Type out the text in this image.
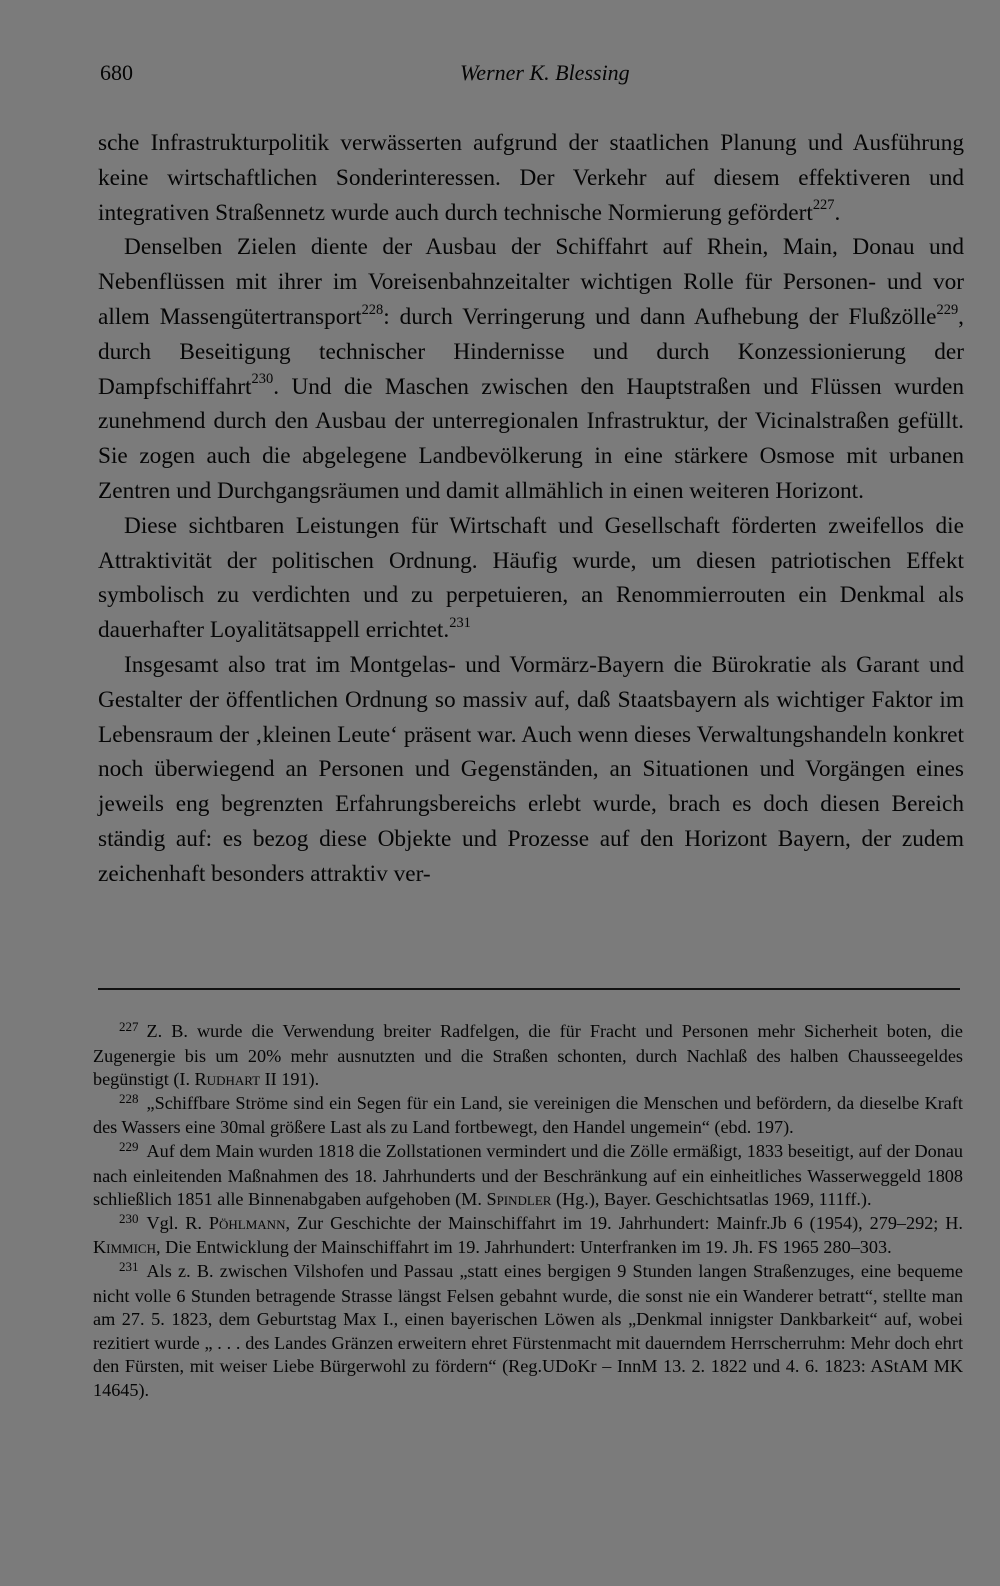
680	Werner K. Blessing

sche Infrastrukturpolitik verwässerten aufgrund der staatlichen Planung und Ausführung keine wirtschaftlichen Sonderinteressen. Der Verkehr auf diesem effektiveren und integrativen Straßennetz wurde auch durch technische Normierung gefördert$^{227}$.

Denselben Zielen diente der Ausbau der Schiffahrt auf Rhein, Main, Donau und Nebenflüssen mit ihrer im Voreisenbahnzeitalter wichtigen Rolle für Personen- und vor allem Massengütertransport$^{228}$: durch Verringerung und dann Aufhebung der Flußzölle$^{229}$, durch Beseitigung technischer Hindernisse und durch Konzessionierung der Dampfschiffahrt$^{230}$. Und die Maschen zwischen den Hauptstraßen und Flüssen wurden zunehmend durch den Ausbau der unterregionalen Infrastruktur, der Vicinalstraßen gefüllt. Sie zogen auch die abgelegene Landbevölkerung in eine stärkere Osmose mit urbanen Zentren und Durchgangsräumen und damit allmählich in einen weiteren Horizont.

Diese sichtbaren Leistungen für Wirtschaft und Gesellschaft förderten zweifellos die Attraktivität der politischen Ordnung. Häufig wurde, um diesen patriotischen Effekt symbolisch zu verdichten und zu perpetuieren, an Renommierrouten ein Denkmal als dauerhafter Loyalitätsappell errichtet.$^{231}$

Insgesamt also trat im Montgelas- und Vormärz-Bayern die Bürokratie als Garant und Gestalter der öffentlichen Ordnung so massiv auf, daß Staatsbayern als wichtiger Faktor im Lebensraum der ‚kleinen Leute‘ präsent war. Auch wenn dieses Verwaltungshandeln konkret noch überwiegend an Personen und Gegenständen, an Situationen und Vorgängen eines jeweils eng begrenzten Erfahrungsbereichs erlebt wurde, brach es doch diesen Bereich ständig auf: es bezog diese Objekte und Prozesse auf den Horizont Bayern, der zudem zeichenhaft besonders attraktiv ver-

$^{227}$ Z. B. wurde die Verwendung breiter Radfelgen, die für Fracht und Personen mehr Sicherheit boten, die Zugenergie bis um 20% mehr ausnutzten und die Straßen schonten, durch Nachlaß des halben Chausseegeldes begünstigt (I. Rudhart II 191).

$^{228}$ „Schiffbare Ströme sind ein Segen für ein Land, sie vereinigen die Menschen und befördern, da dieselbe Kraft des Wassers eine 30mal größere Last als zu Land fortbewegt, den Handel ungemein“ (ebd. 197).

$^{229}$ Auf dem Main wurden 1818 die Zollstationen vermindert und die Zölle ermäßigt, 1833 beseitigt, auf der Donau nach einleitenden Maßnahmen des 18. Jahrhunderts und der Beschränkung auf ein einheitliches Wasserweggeld 1808 schließlich 1851 alle Binnenabgaben aufgehoben (M. Spindler (Hg.), Bayer. Geschichtsatlas 1969, 111ff.).

$^{230}$ Vgl. R. Pöhlmann, Zur Geschichte der Mainschiffahrt im 19. Jahrhundert: Mainfr.Jb 6 (1954), 279–292; H. Kimmich, Die Entwicklung der Mainschiffahrt im 19. Jahrhundert: Unterfranken im 19. Jh. FS 1965 280–303.

$^{231}$ Als z. B. zwischen Vilshofen und Passau „statt eines bergigen 9 Stunden langen Straßenzuges, eine bequeme nicht volle 6 Stunden betragende Strasse längst Felsen gebahnt wurde, die sonst nie ein Wanderer betratt“, stellte man am 27. 5. 1823, dem Geburtstag Max I., einen bayerischen Löwen als „Denkmal innigster Dankbarkeit“ auf, wobei rezitiert wurde „ . . . des Landes Gränzen erweitern ehret Fürstenmacht mit dauerndem Herrscherruhm: Mehr doch ehrt den Fürsten, mit weiser Liebe Bürgerwohl zu fördern“ (Reg.UDoKr – InnM 13. 2. 1822 und 4. 6. 1823: AStAM MK 14645).
